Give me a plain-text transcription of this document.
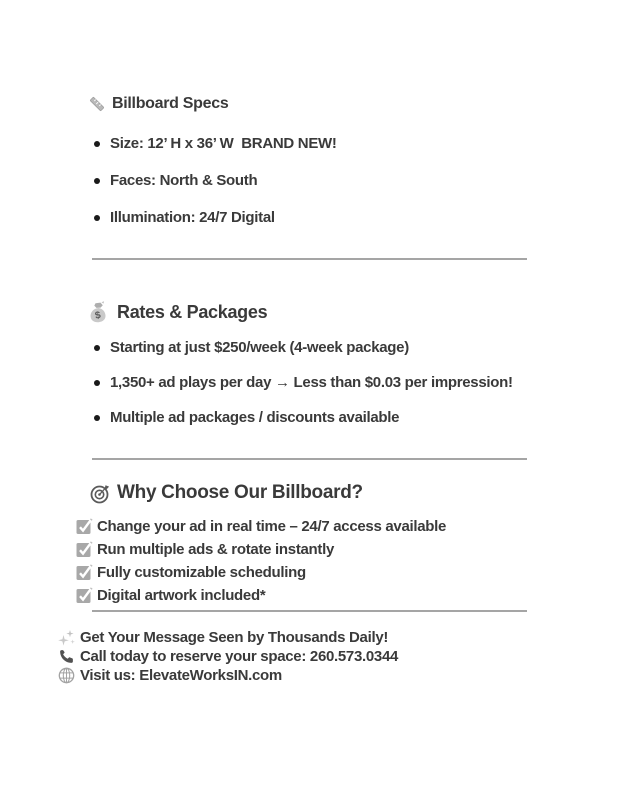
Billboard Specs
Size: 12’ H x 36’ W  BRAND NEW!
Faces: North & South
Illumination: 24/7 Digital
$ Rates & Packages
Starting at just $250/week (4-week package)
1,350+ ad plays per day → Less than $0.03 per impression!
Multiple ad packages / discounts available
Why Choose Our Billboard?
Change your ad in real time – 24/7 access available
Run multiple ads & rotate instantly
Fully customizable scheduling
Digital artwork included*
Get Your Message Seen by Thousands Daily!
Call today to reserve your space: 260.573.0344
Visit us: ElevateWorksIN.com
